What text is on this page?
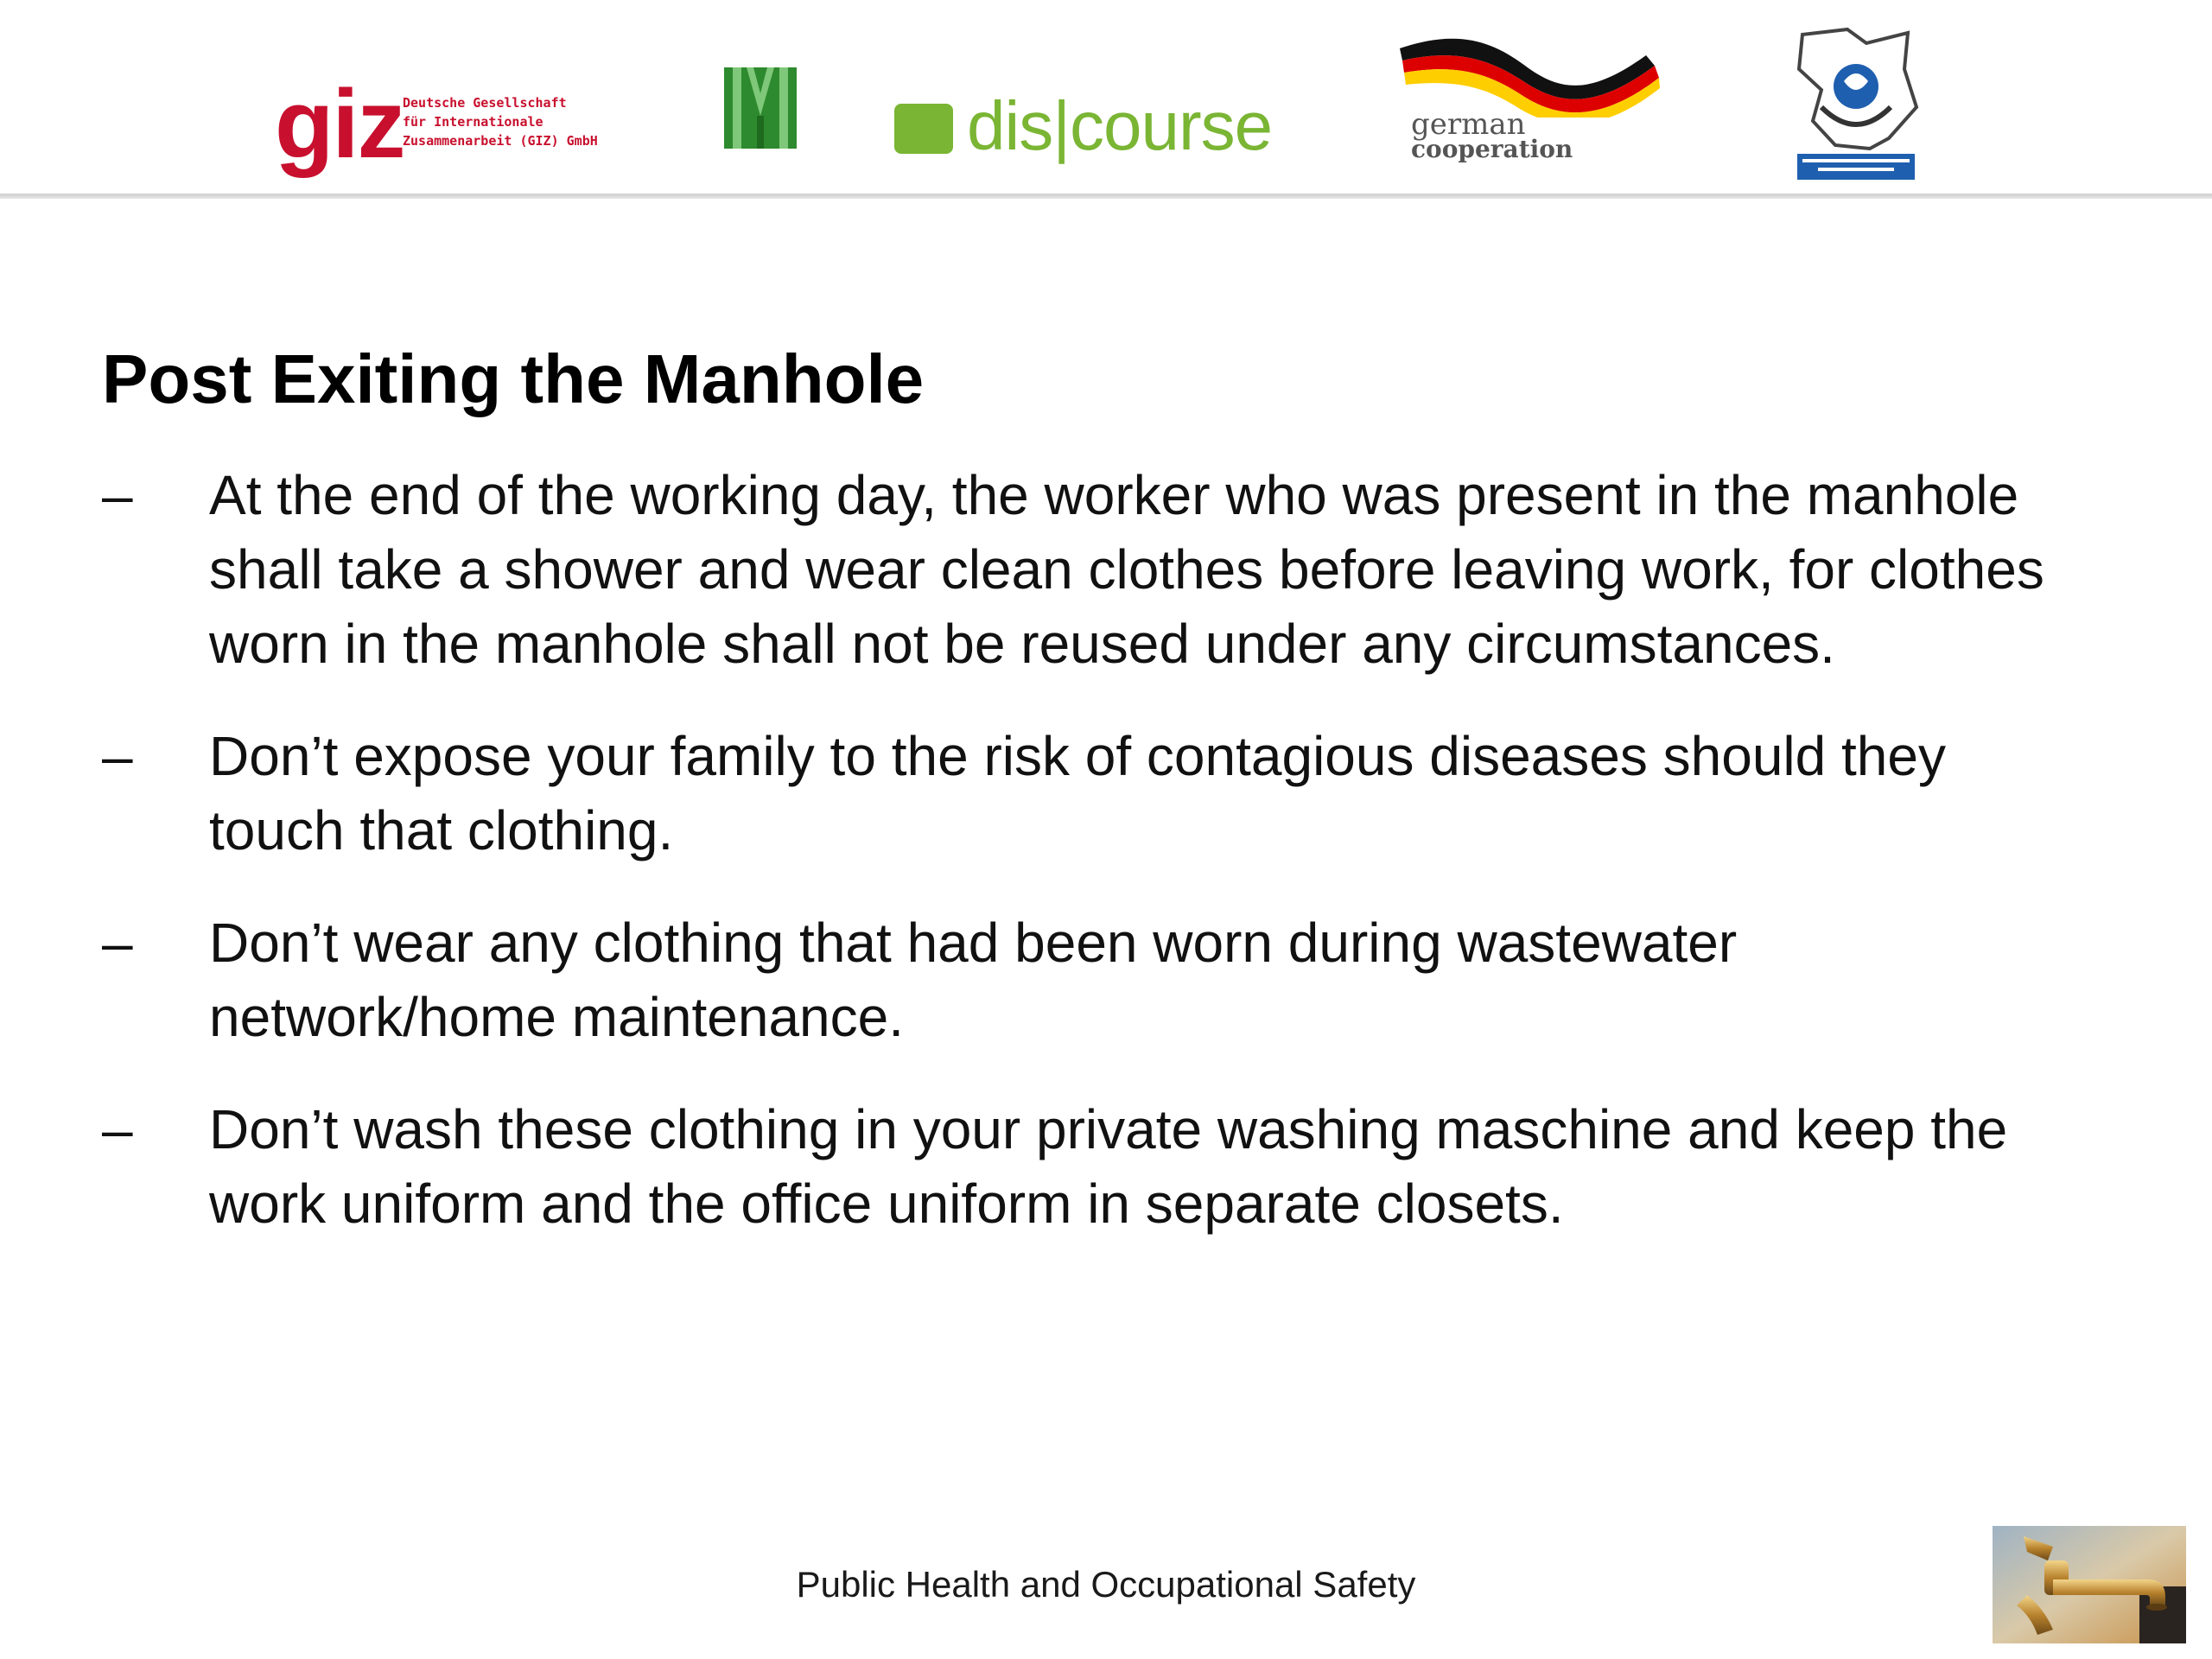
giz
Deutsche Gesellschaft
für Internationale
Zusammenarbeit (GIZ) GmbH	dis|course	german
cooperation
Post Exiting the Manhole
–	At the end of the working day, the worker who was present in the manhole shall take a shower and wear clean clothes before leaving work, for clothes worn in the manhole shall not be reused under any circumstances.
–	Don’t expose your family to the risk of contagious diseases should they touch that clothing.
–	Don’t wear any clothing that had been worn during wastewater network/home maintenance.
–	Don’t wash these clothing in your private washing maschine and keep the work uniform and the office uniform in separate closets.
Public Health and Occupational Safety
